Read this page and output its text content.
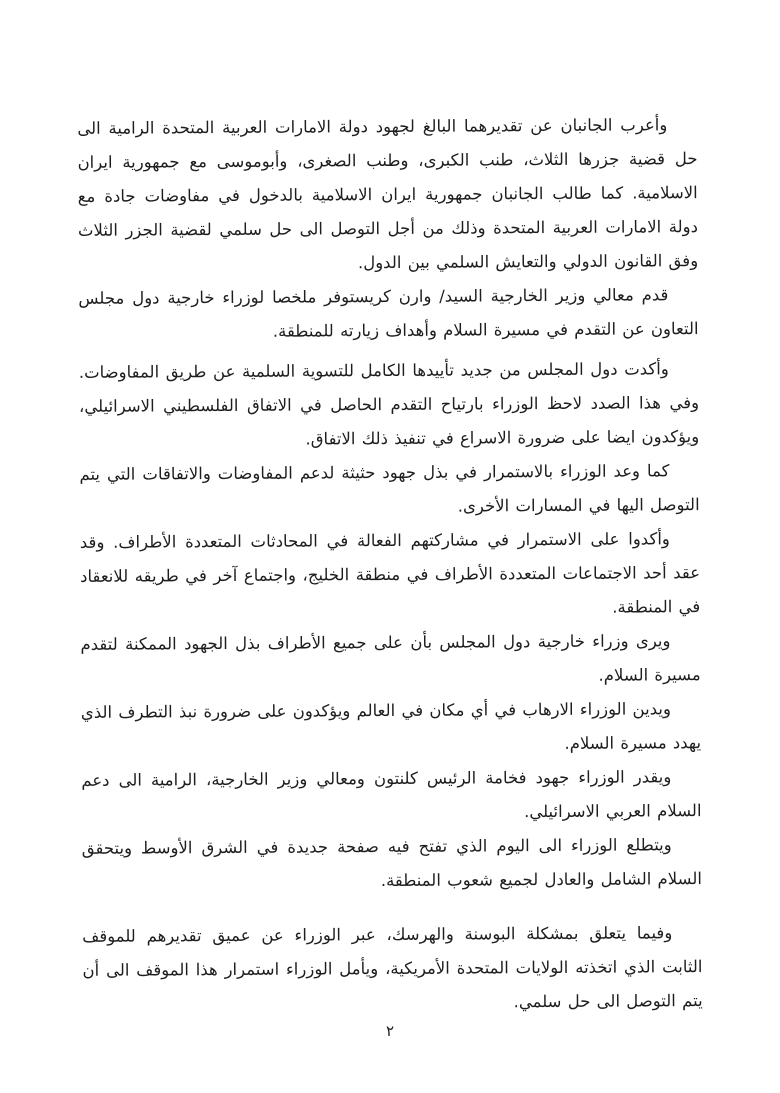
وأعرب الجانبان عن تقديرهما البالغ لجهود دولة الامارات العربية المتحدة الرامية الى حل قضية جزرها الثلاث، طنب الكبرى، وطنب الصغرى، وأبوموسى مع جمهورية ايران الاسلامية. كما طالب الجانبان جمهورية ايران الاسلامية بالدخول في مفاوضات جادة مع دولة الامارات العربية المتحدة وذلك من أجل التوصل الى حل سلمي لقضية الجزر الثلاث وفق القانون الدولي والتعايش السلمي بين الدول.

قدم معالي وزير الخارجية السيد/ وارن كريستوفر ملخصا لوزراء خارجية دول مجلس التعاون عن التقدم في مسيرة السلام وأهداف زيارته للمنطقة.

وأكدت دول المجلس من جديد تأييدها الكامل للتسوية السلمية عن طريق المفاوضات. وفي هذا الصدد لاحظ الوزراء بارتياح التقدم الحاصل في الاتفاق الفلسطيني الاسرائيلي، ويؤكدون ايضا على ضرورة الاسراع في تنفيذ ذلك الاتفاق.

كما وعد الوزراء بالاستمرار في بذل جهود حثيثة لدعم المفاوضات والاتفاقات التي يتم التوصل اليها في المسارات الأخرى.

وأكدوا على الاستمرار في مشاركتهم الفعالة في المحادثات المتعددة الأطراف. وقد عقد أحد الاجتماعات المتعددة الأطراف في منطقة الخليج، واجتماع آخر في طريقه للانعقاد في المنطقة.

ويرى وزراء خارجية دول المجلس بأن على جميع الأطراف بذل الجهود الممكنة لتقدم مسيرة السلام.

ويدين الوزراء الارهاب في أي مكان في العالم ويؤكدون على ضرورة نبذ التطرف الذي يهدد مسيرة السلام.

ويقدر الوزراء جهود فخامة الرئيس كلنتون ومعالي وزير الخارجية، الرامية الى دعم السلام العربي الاسرائيلي.

ويتطلع الوزراء الى اليوم الذي تفتح فيه صفحة جديدة في الشرق الأوسط ويتحقق السلام الشامل والعادل لجميع شعوب المنطقة.

وفيما يتعلق بمشكلة البوسنة والهرسك، عبر الوزراء عن عميق تقديرهم للموقف الثابت الذي اتخذته الولايات المتحدة الأمريكية، ويأمل الوزراء استمرار هذا الموقف الى أن يتم التوصل الى حل سلمي.

٢
